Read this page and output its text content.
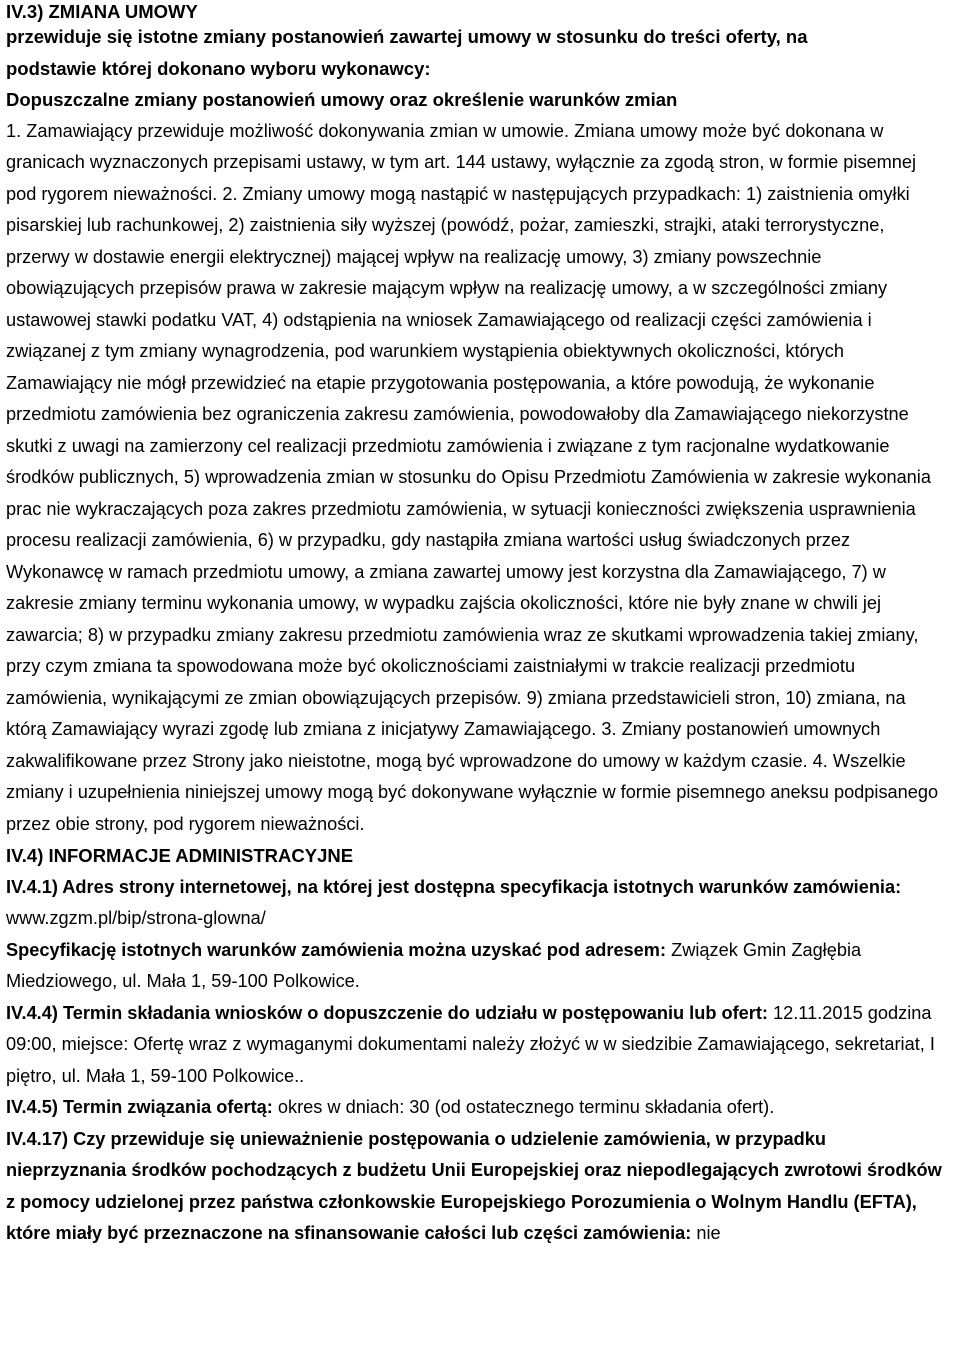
IV.3) ZMIANA UMOWY

przewiduje się istotne zmiany postanowień zawartej umowy w stosunku do treści oferty, na

podstawie której dokonano wyboru wykonawcy:

Dopuszczalne zmiany postanowień umowy oraz określenie warunków zmian

1. Zamawiający przewiduje możliwość dokonywania zmian w umowie. Zmiana umowy może być dokonana w granicach wyznaczonych przepisami ustawy, w tym art. 144 ustawy, wyłącznie za zgodą stron, w formie pisemnej pod rygorem nieważności. 2. Zmiany umowy mogą nastąpić w następujących przypadkach: 1) zaistnienia omyłki pisarskiej lub rachunkowej, 2) zaistnienia siły wyższej (powódź, pożar, zamieszki, strajki, ataki terrorystyczne, przerwy w dostawie energii elektrycznej) mającej wpływ na realizację umowy, 3) zmiany powszechnie obowiązujących przepisów prawa w zakresie mającym wpływ na realizację umowy, a w szczególności zmiany ustawowej stawki podatku VAT, 4) odstąpienia na wniosek Zamawiającego od realizacji części zamówienia i związanej z tym zmiany wynagrodzenia, pod warunkiem wystąpienia obiektywnych okoliczności, których Zamawiający nie mógł przewidzieć na etapie przygotowania postępowania, a które powodują, że wykonanie przedmiotu zamówienia bez ograniczenia zakresu zamówienia, powodowałoby dla Zamawiającego niekorzystne skutki z uwagi na zamierzony cel realizacji przedmiotu zamówienia i związane z tym racjonalne wydatkowanie środków publicznych, 5) wprowadzenia zmian w stosunku do Opisu Przedmiotu Zamówienia w zakresie wykonania prac nie wykraczających poza zakres przedmiotu zamówienia, w sytuacji konieczności zwiększenia usprawnienia procesu realizacji zamówienia, 6) w przypadku, gdy nastąpiła zmiana wartości usług świadczonych przez Wykonawcę w ramach przedmiotu umowy, a zmiana zawartej umowy jest korzystna dla Zamawiającego, 7) w zakresie zmiany terminu wykonania umowy, w wypadku zajścia okoliczności, które nie były znane w chwili jej zawarcia; 8) w przypadku zmiany zakresu przedmiotu zamówienia wraz ze skutkami wprowadzenia takiej zmiany, przy czym zmiana ta spowodowana może być okolicznościami zaistniałymi w trakcie realizacji przedmiotu zamówienia, wynikającymi ze zmian obowiązujących przepisów. 9) zmiana przedstawicieli stron, 10) zmiana, na którą Zamawiający wyrazi zgodę lub zmiana z inicjatywy Zamawiającego. 3. Zmiany postanowień umownych zakwalifikowane przez Strony jako nieistotne, mogą być wprowadzone do umowy w każdym czasie. 4. Wszelkie zmiany i uzupełnienia niniejszej umowy mogą być dokonywane wyłącznie w formie pisemnego aneksu podpisanego przez obie strony, pod rygorem nieważności.

IV.4) INFORMACJE ADMINISTRACYJNE

IV.4.1) Adres strony internetowej, na której jest dostępna specyfikacja istotnych warunków zamówienia: www.zgzm.pl/bip/strona-glowna/

Specyfikację istotnych warunków zamówienia można uzyskać pod adresem: Związek Gmin Zagłębia Miedziowego, ul. Mała 1, 59-100 Polkowice.

IV.4.4) Termin składania wniosków o dopuszczenie do udziału w postępowaniu lub ofert: 12.11.2015 godzina 09:00, miejsce: Ofertę wraz z wymaganymi dokumentami należy złożyć w w siedzibie Zamawiającego, sekretariat, I piętro, ul. Mała 1, 59-100 Polkowice..

IV.4.5) Termin związania ofertą: okres w dniach: 30 (od ostatecznego terminu składania ofert).

IV.4.17) Czy przewiduje się unieważnienie postępowania o udzielenie zamówienia, w przypadku nieprzyznania środków pochodzących z budżetu Unii Europejskiej oraz niepodlegających zwrotowi środków z pomocy udzielonej przez państwa członkowskie Europejskiego Porozumienia o Wolnym Handlu (EFTA), które miały być przeznaczone na sfinansowanie całości lub części zamówienia: nie
